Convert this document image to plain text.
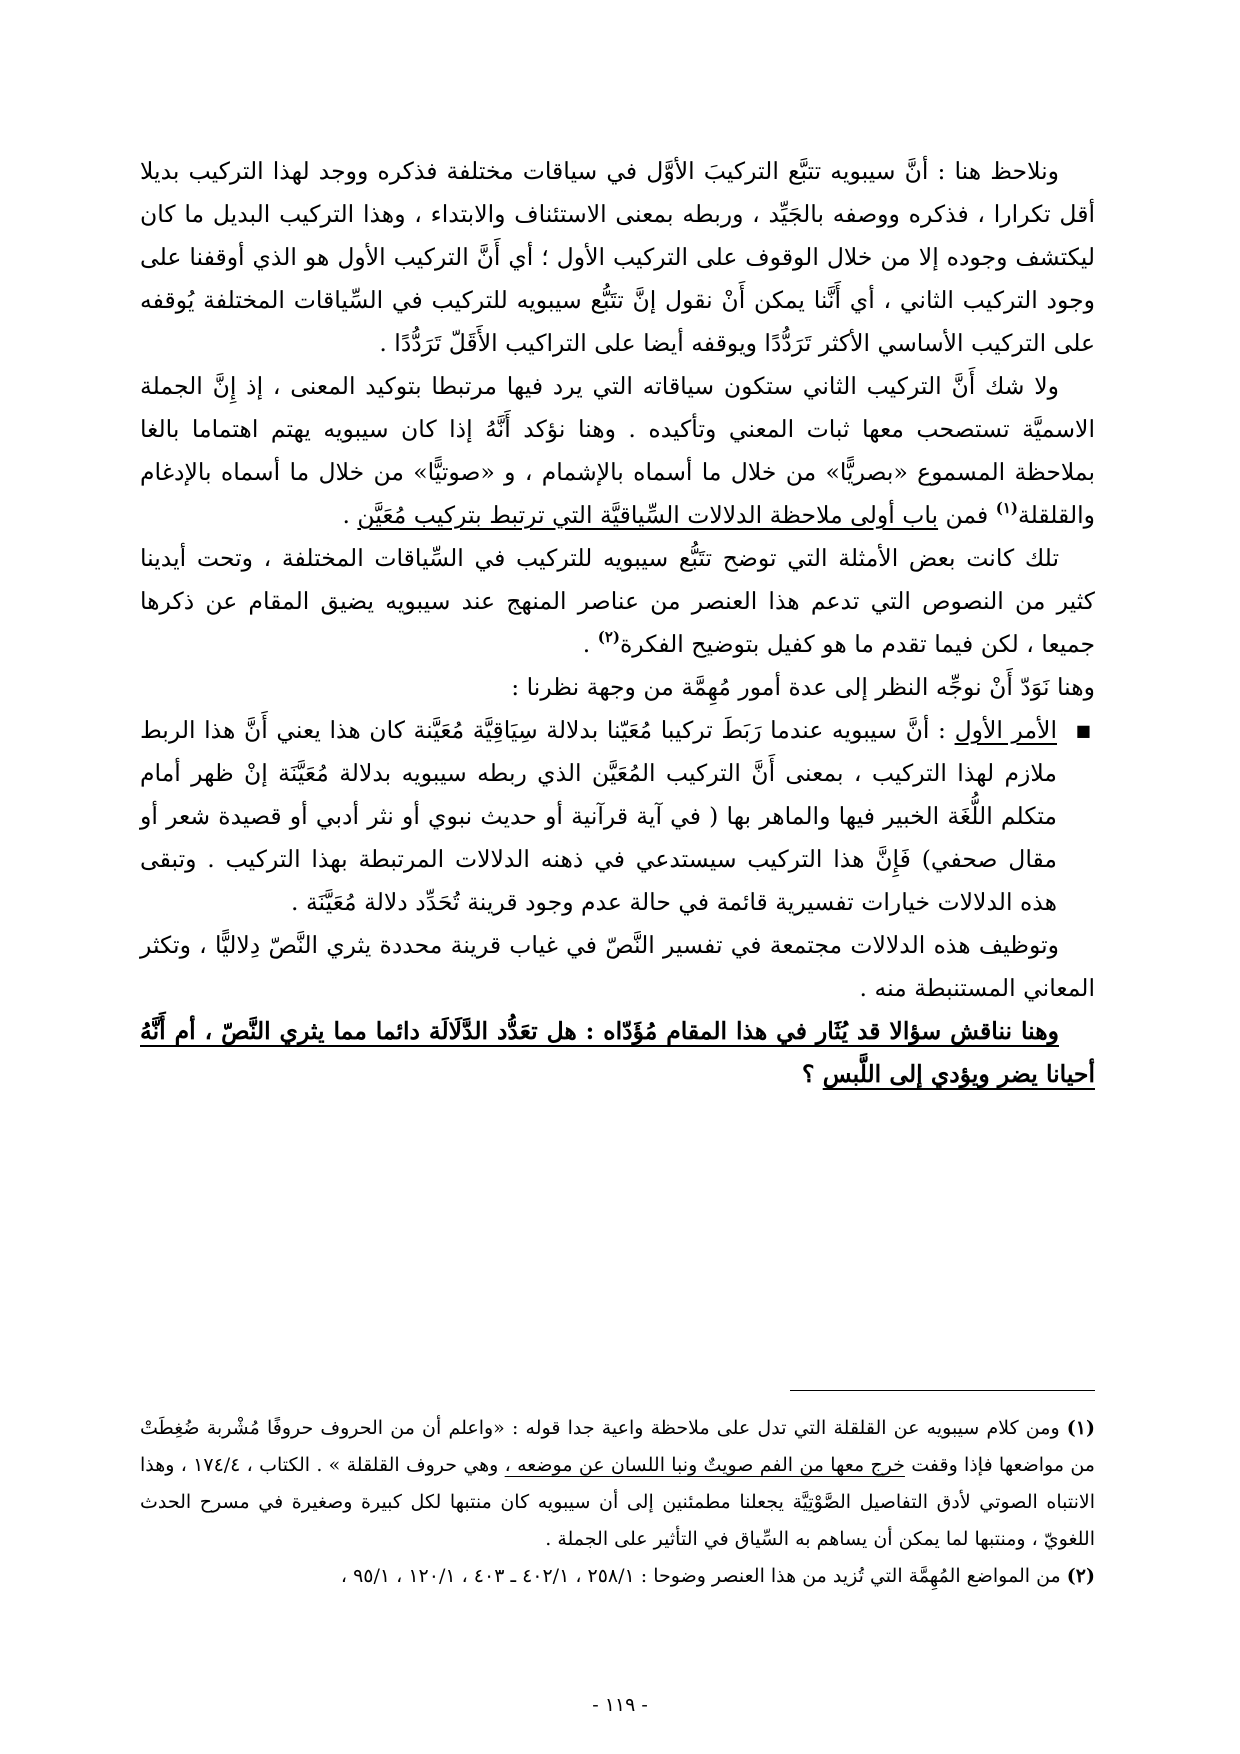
ونلاحظ هنا : أنَّ سيبويه تتبَّع التركيبَ الأوَّل في سياقات مختلفة فذكره ووجد لهذا التركيب بديلا أقل تكرارا ، فذكره ووصفه بالجَيِّد ، وربطه بمعنى الاستئناف والابتداء ، وهذا التركيب البديل ما كان ليكتشف وجوده إلا من خلال الوقوف على التركيب الأول ؛ أي أَنَّ التركيب الأول هو الذي أوقفنا على وجود التركيب الثاني ، أي أَنَّنا يمكن أَنْ نقول إنَّ تتَبُّع سيبويه للتركيب في السِّياقات المختلفة يُوقفه على التركيب الأساسي الأكثر تَرَدُّدًا ويوقفه أيضا على التراكيب الأَقَلّ تَرَدُّدًا .

ولا شك أَنَّ التركيب الثاني ستكون سياقاته التي يرد فيها مرتبطا بتوكيد المعنى ، إذ إِنَّ الجملة الاسميَّة تستصحب معها ثبات المعني وتأكيده . وهنا نؤكد أَنَّهُ إذا كان سيبويه يهتم اهتماما بالغا بملاحظة المسموع «بصريًّا» من خلال ما أسماه بالإشمام ، و «صوتيًّا» من خلال ما أسماه بالإدغام والقلقلة$^{(١)}$ فمن باب أولى ملاحظة الدلالات السِّياقيَّة التي ترتبط بتركيب مُعَيَّن .

تلك كانت بعض الأمثلة التي توضح تتَبُّع سيبويه للتركيب في السِّياقات المختلفة ، وتحت أيدينا كثير من النصوص التي تدعم هذا العنصر من عناصر المنهج عند سيبويه يضيق المقام عن ذكرها جميعا ، لكن فيما تقدم ما هو كفيل بتوضيح الفكرة$^{(٢)}$ .

وهنا نَوَدّ أَنْ نوجِّه النظر إلى عدة أمور مُهِمَّة من وجهة نظرنا :

■
الأمر الأول : أنَّ سيبويه عندما رَبَطَ تركيبا مُعَيّنا بدلالة سِيَاقِيَّة مُعَيَّنة كان هذا يعني أَنَّ هذا الربط ملازم لهذا التركيب ، بمعنى أَنَّ التركيب المُعَيَّن الذي ربطه سيبويه بدلالة مُعَيَّنَة إنْ ظهر أمام متكلم اللُّغَة الخبير فيها والماهر بها ( في آية قرآنية أو حديث نبوي أو نثر أدبي أو قصيدة شعر أو مقال صحفي) فَإِنَّ هذا التركيب سيستدعي في ذهنه الدلالات المرتبطة بهذا التركيب . وتبقى هذه الدلالات خيارات تفسيرية قائمة في حالة عدم وجود قرينة تُحَدِّد دلالة مُعَيَّنَة .

وتوظيف هذه الدلالات مجتمعة في تفسير النَّصّ في غياب قرينة محددة يثري النَّصّ دِلاليًّا ، وتكثر المعاني المستنبطة منه .

وهنا نناقش سؤالا قد يُثَار في هذا المقام مُؤَدّاه : هل تعَدُّد الدَّلَالَة دائما مما يثري النَّصّ ، أم أَنَّهُ أحيانا يضر ويؤدي إلى اللَّبس ؟

(١) ومن كلام سيبويه عن القلقلة التي تدل على ملاحظة واعية جدا قوله : «واعلم أن من الحروف حروفًا مُشْربة ضُغِطَتْ من مواضعها فإذا وقفت خرج معها من الفم صويتٌ ونبا اللسان عن موضعه ، وهي حروف القلقلة » . الكتاب ، ١٧٤/٤ ، وهذا الانتباه الصوتي لأدق التفاصيل الصَّوْتِيَّة يجعلنا مطمئنين إلى أن سيبويه كان منتبها لكل كبيرة وصغيرة في مسرح الحدث اللغويّ ، ومنتبها لما يمكن أن يساهم به السِّياق في التأثير على الجملة .

(٢) من المواضع المُهِمَّة التي تُزيد من هذا العنصر وضوحا : ٢٥٨/١ ، ٤٠٢/١ ـ ٤٠٣ ، ١٢٠/١ ، ٩٥/١ ،

- ١١٩ -
